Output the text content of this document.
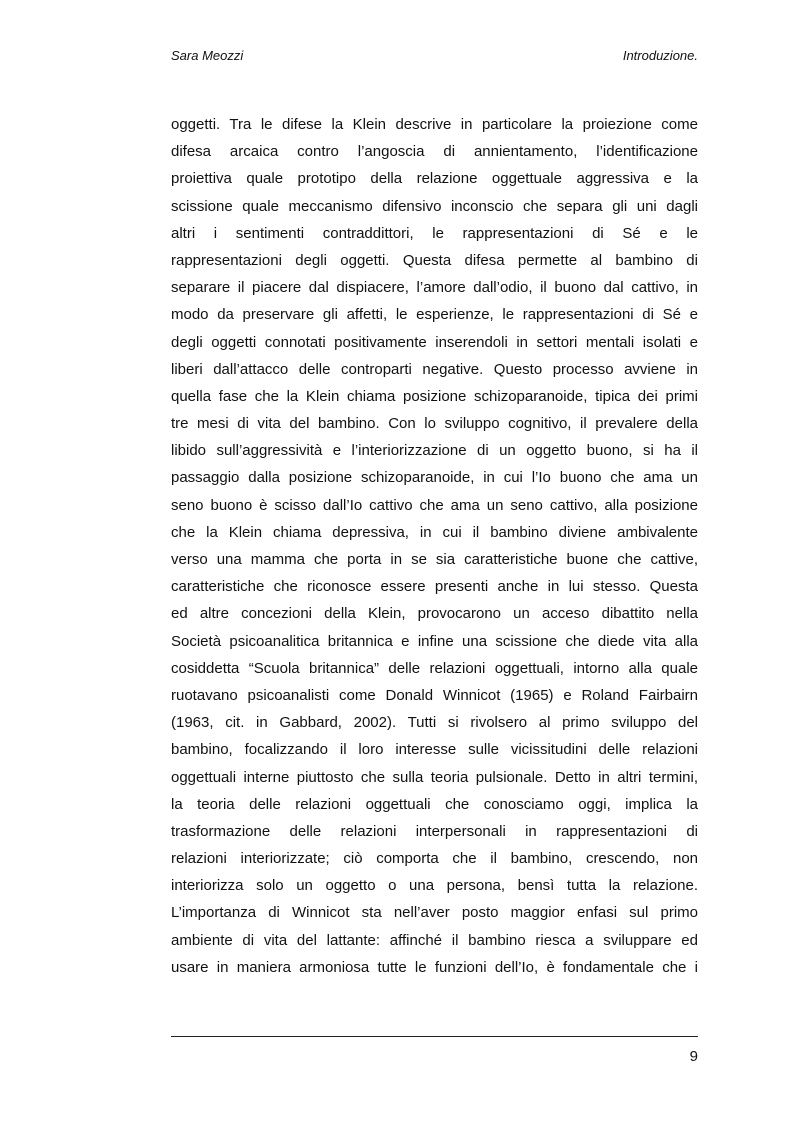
Sara Meozzi	Introduzione.
oggetti. Tra le difese la Klein descrive in particolare la proiezione come
difesa arcaica contro l’angoscia di annientamento, l’identificazione
proiettiva quale prototipo della relazione oggettuale aggressiva e la
scissione quale meccanismo difensivo inconscio che separa gli uni dagli
altri i sentimenti contraddittori, le rappresentazioni di Sé e le
rappresentazioni degli oggetti. Questa difesa permette al bambino di
separare il piacere dal dispiacere, l’amore dall’odio, il buono dal cattivo, in
modo da preservare gli affetti, le esperienze, le rappresentazioni di Sé e
degli oggetti connotati positivamente inserendoli in settori mentali isolati e
liberi dall’attacco delle controparti negative. Questo processo avviene in
quella fase che la Klein chiama posizione schizoparanoide, tipica dei primi
tre mesi di vita del bambino. Con lo sviluppo cognitivo, il prevalere della
libido sull’aggressività e l’interiorizzazione di un oggetto buono, si ha il
passaggio dalla posizione schizoparanoide, in cui l’Io buono che ama un
seno buono è scisso dall’Io cattivo che ama un seno cattivo, alla posizione
che la Klein chiama depressiva, in cui il bambino diviene ambivalente
verso una mamma che porta in se sia caratteristiche buone che cattive,
caratteristiche che riconosce essere presenti anche in lui stesso. Questa
ed altre concezioni della Klein, provocarono un acceso dibattito nella
Società psicoanalitica britannica e infine una scissione che diede vita alla
cosiddetta “Scuola britannica” delle relazioni oggettuali, intorno alla quale
ruotavano psicoanalisti come Donald Winnicot (1965) e Roland Fairbairn
(1963, cit. in Gabbard, 2002). Tutti si rivolsero al primo sviluppo del
bambino, focalizzando il loro interesse sulle vicissitudini delle relazioni
oggettuali interne piuttosto che sulla teoria pulsionale. Detto in altri termini,
la teoria delle relazioni oggettuali che conosciamo oggi, implica la
trasformazione delle relazioni interpersonali in rappresentazioni di
relazioni interiorizzate; ciò comporta che il bambino, crescendo, non
interiorizza solo un oggetto o una persona, bensì tutta la relazione.
L’importanza di Winnicot sta nell’aver posto maggior enfasi sul primo
ambiente di vita del lattante: affinché il bambino riesca a sviluppare ed
usare in maniera armoniosa tutte le funzioni dell’Io, è fondamentale che i
9
